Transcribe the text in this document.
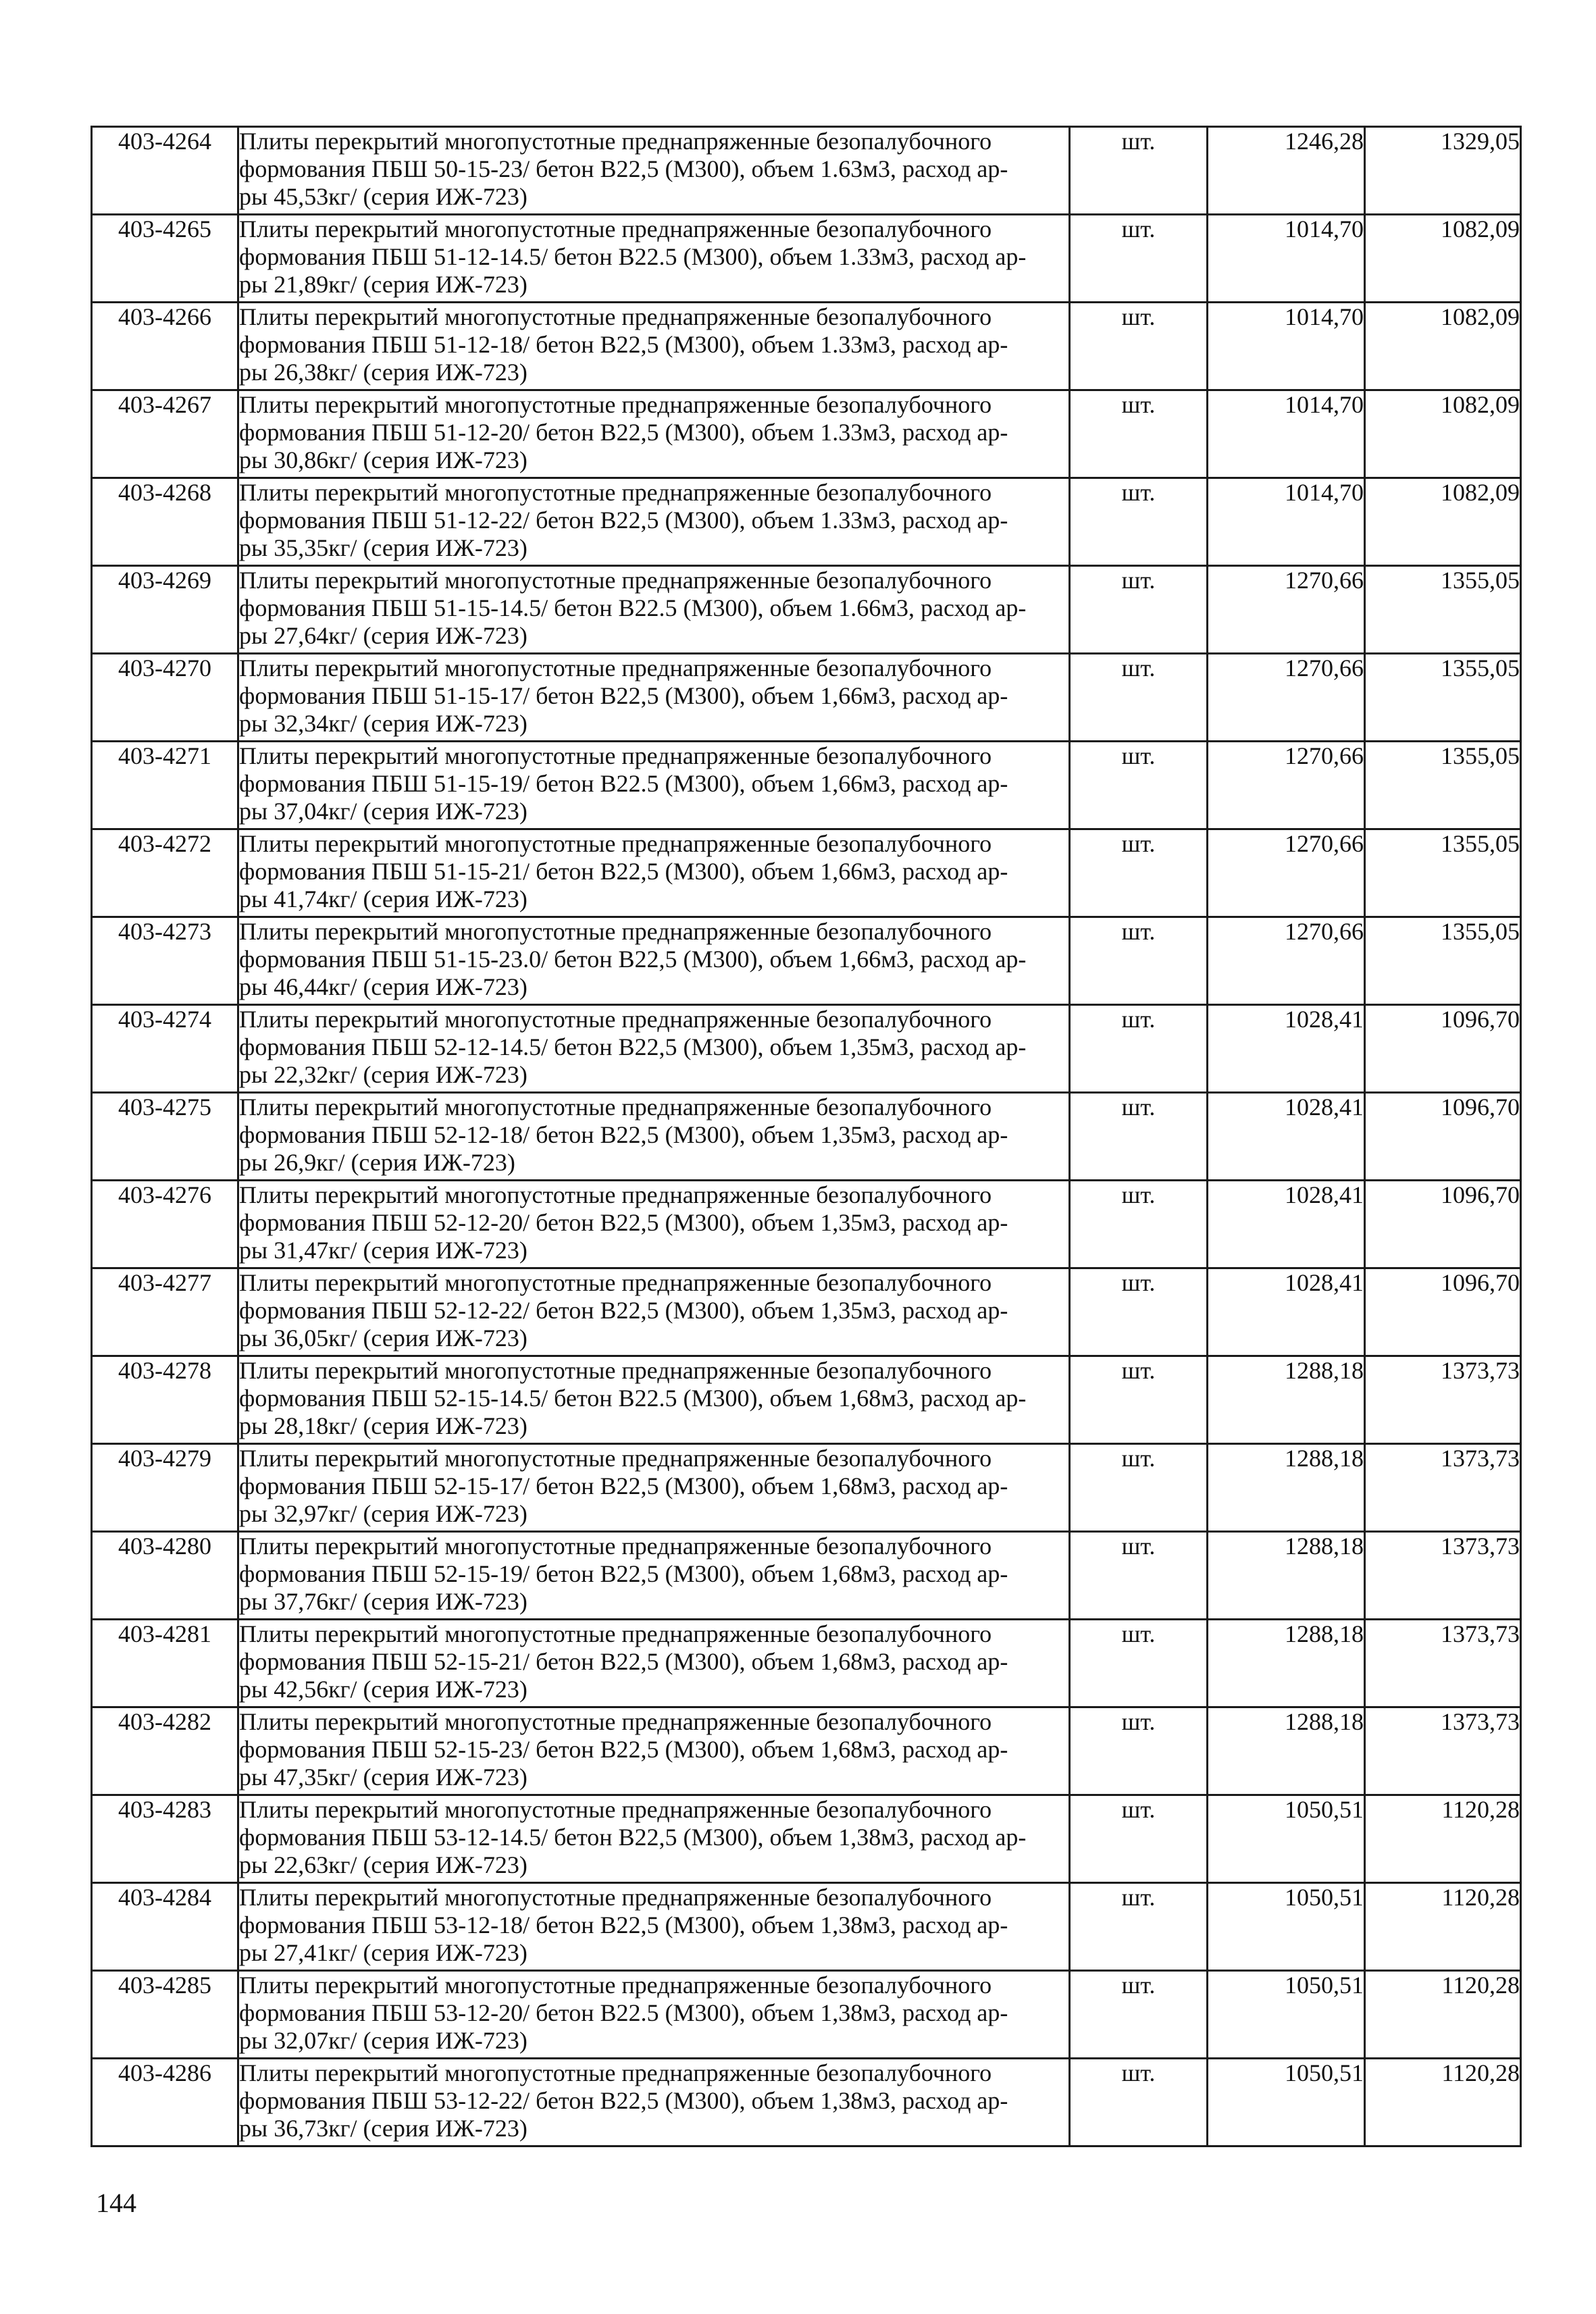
403-4264	Плиты перекрытий многопустотные преднапряженные безопалубочного
формования ПБШ 50-15-23/ бетон В22,5 (М300), объем 1.63м3, расход ар-
ры 45,53кг/ (серия ИЖ-723)	шт.	1246,28	1329,05
403-4265	Плиты перекрытий многопустотные преднапряженные безопалубочного
формования ПБШ 51-12-14.5/ бетон В22.5 (М300), объем 1.33м3, расход ар-
ры 21,89кг/ (серия ИЖ-723)	шт.	1014,70	1082,09
403-4266	Плиты перекрытий многопустотные преднапряженные безопалубочного
формования ПБШ 51-12-18/ бетон В22,5 (М300), объем 1.33м3, расход ар-
ры 26,38кг/ (серия ИЖ-723)	шт.	1014,70	1082,09
403-4267	Плиты перекрытий многопустотные преднапряженные безопалубочного
формования ПБШ 51-12-20/ бетон В22,5 (М300), объем 1.33м3, расход ар-
ры 30,86кг/ (серия ИЖ-723)	шт.	1014,70	1082,09
403-4268	Плиты перекрытий многопустотные преднапряженные безопалубочного
формования ПБШ 51-12-22/ бетон В22,5 (М300), объем 1.33м3, расход ар-
ры 35,35кг/ (серия ИЖ-723)	шт.	1014,70	1082,09
403-4269	Плиты перекрытий многопустотные преднапряженные безопалубочного
формования ПБШ 51-15-14.5/ бетон В22.5 (М300), объем 1.66м3, расход ар-
ры 27,64кг/ (серия ИЖ-723)	шт.	1270,66	1355,05
403-4270	Плиты перекрытий многопустотные преднапряженные безопалубочного
формования ПБШ 51-15-17/ бетон В22,5 (М300), объем 1,66м3, расход ар-
ры 32,34кг/ (серия ИЖ-723)	шт.	1270,66	1355,05
403-4271	Плиты перекрытий многопустотные преднапряженные безопалубочного
формования ПБШ 51-15-19/ бетон В22.5 (М300), объем 1,66м3, расход ар-
ры 37,04кг/ (серия ИЖ-723)	шт.	1270,66	1355,05
403-4272	Плиты перекрытий многопустотные преднапряженные безопалубочного
формования ПБШ 51-15-21/ бетон В22,5 (М300), объем 1,66м3, расход ар-
ры 41,74кг/ (серия ИЖ-723)	шт.	1270,66	1355,05
403-4273	Плиты перекрытий многопустотные преднапряженные безопалубочного
формования ПБШ 51-15-23.0/ бетон В22,5 (М300), объем 1,66м3, расход ар-
ры 46,44кг/ (серия ИЖ-723)	шт.	1270,66	1355,05
403-4274	Плиты перекрытий многопустотные преднапряженные безопалубочного
формования ПБШ 52-12-14.5/ бетон В22,5 (М300), объем 1,35м3, расход ар-
ры 22,32кг/ (серия ИЖ-723)	шт.	1028,41	1096,70
403-4275	Плиты перекрытий многопустотные преднапряженные безопалубочного
формования ПБШ 52-12-18/ бетон В22,5 (М300), объем 1,35м3, расход ар-
ры 26,9кг/ (серия ИЖ-723)	шт.	1028,41	1096,70
403-4276	Плиты перекрытий многопустотные преднапряженные безопалубочного
формования ПБШ 52-12-20/ бетон В22,5 (М300), объем 1,35м3, расход ар-
ры 31,47кг/ (серия ИЖ-723)	шт.	1028,41	1096,70
403-4277	Плиты перекрытий многопустотные преднапряженные безопалубочного
формования ПБШ 52-12-22/ бетон В22,5 (М300), объем 1,35м3, расход ар-
ры 36,05кг/ (серия ИЖ-723)	шт.	1028,41	1096,70
403-4278	Плиты перекрытий многопустотные преднапряженные безопалубочного
формования ПБШ 52-15-14.5/ бетон В22.5 (М300), объем 1,68м3, расход ар-
ры 28,18кг/ (серия ИЖ-723)	шт.	1288,18	1373,73
403-4279	Плиты перекрытий многопустотные преднапряженные безопалубочного
формования ПБШ 52-15-17/ бетон В22,5 (М300), объем 1,68м3, расход ар-
ры 32,97кг/ (серия ИЖ-723)	шт.	1288,18	1373,73
403-4280	Плиты перекрытий многопустотные преднапряженные безопалубочного
формования ПБШ 52-15-19/ бетон В22,5 (М300), объем 1,68м3, расход ар-
ры 37,76кг/ (серия ИЖ-723)	шт.	1288,18	1373,73
403-4281	Плиты перекрытий многопустотные преднапряженные безопалубочного
формования ПБШ 52-15-21/ бетон В22,5 (М300), объем 1,68м3, расход ар-
ры 42,56кг/ (серия ИЖ-723)	шт.	1288,18	1373,73
403-4282	Плиты перекрытий многопустотные преднапряженные безопалубочного
формования ПБШ 52-15-23/ бетон В22,5 (М300), объем 1,68м3, расход ар-
ры 47,35кг/ (серия ИЖ-723)	шт.	1288,18	1373,73
403-4283	Плиты перекрытий многопустотные преднапряженные безопалубочного
формования ПБШ 53-12-14.5/ бетон В22,5 (М300), объем 1,38м3, расход ар-
ры 22,63кг/ (серия ИЖ-723)	шт.	1050,51	1120,28
403-4284	Плиты перекрытий многопустотные преднапряженные безопалубочного
формования ПБШ 53-12-18/ бетон В22,5 (М300), объем 1,38м3, расход ар-
ры 27,41кг/ (серия ИЖ-723)	шт.	1050,51	1120,28
403-4285	Плиты перекрытий многопустотные преднапряженные безопалубочного
формования ПБШ 53-12-20/ бетон В22.5 (М300), объем 1,38м3, расход ар-
ры 32,07кг/ (серия ИЖ-723)	шт.	1050,51	1120,28
403-4286	Плиты перекрытий многопустотные преднапряженные безопалубочного
формования ПБШ 53-12-22/ бетон В22,5 (М300), объем 1,38м3, расход ар-
ры 36,73кг/ (серия ИЖ-723)	шт.	1050,51	1120,28
144
